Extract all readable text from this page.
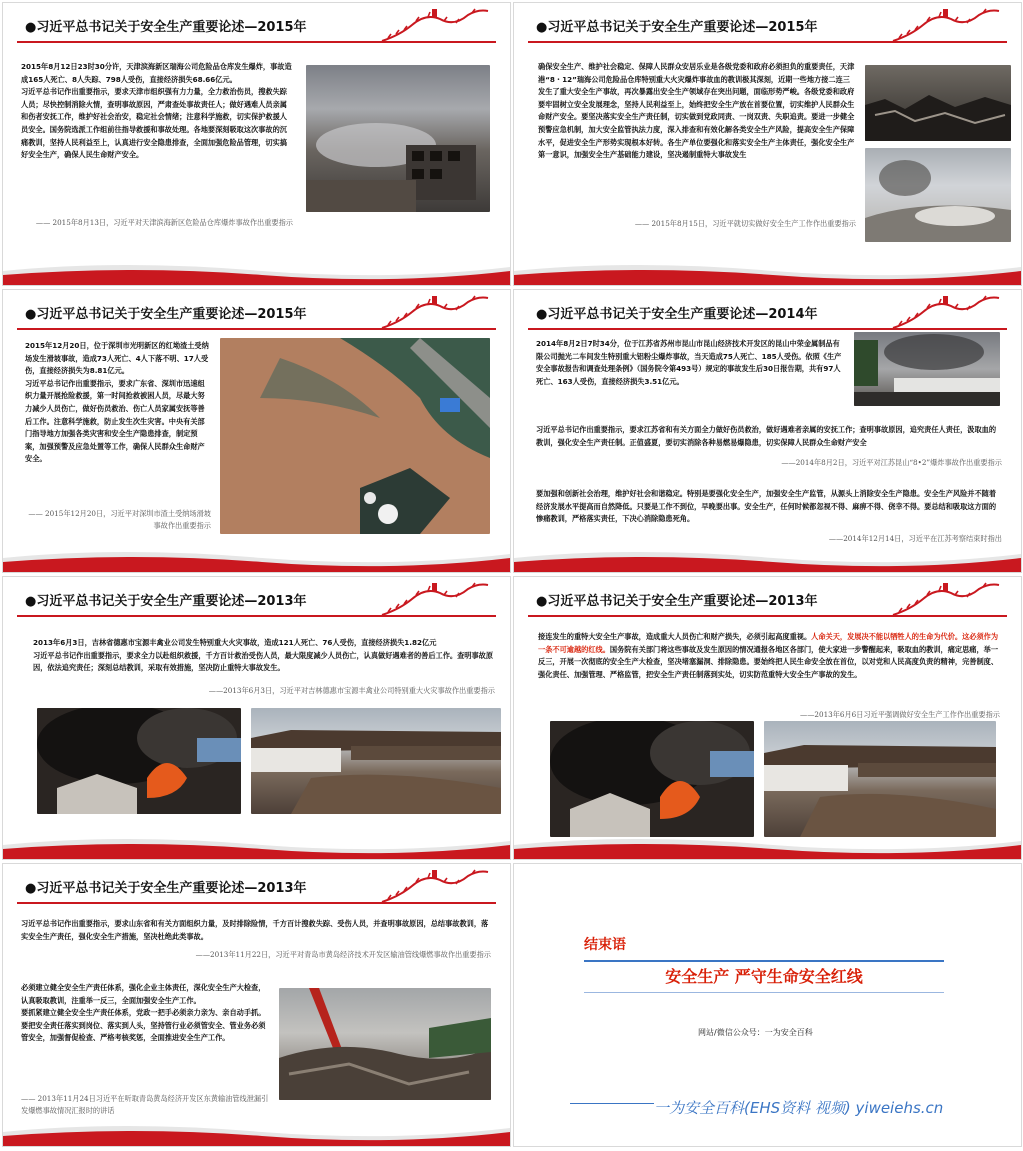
●习近平总书记关于安全生产重要论述—2015年

2015年8月12日23时30分许，天津滨海新区瑞海公司危险品仓库发生爆炸，事故造成165人死亡、8人失踪、798人受伤，直接经济损失68.66亿元。

习近平总书记作出重要指示，要求天津市组织强有力力量，全力救治伤员，搜救失踪人员；尽快控制消除火情，查明事故原因，严肃查处事故责任人；做好遇难人员亲属和伤者安抚工作，维护好社会治安，稳定社会情绪；注意科学施救，切实保护救援人员安全。国务院选派工作组前往指导救援和事故处理。各地要深刻吸取这次事故的沉痛教训，坚持人民利益至上，认真进行安全隐患排查，全面加强危险品管理，切实搞好安全生产，确保人民生命财产安全。

—— 2015年8月13日，习近平对天津滨海新区危险品仓库爆炸事故作出重要指示
●习近平总书记关于安全生产重要论述—2015年

确保安全生产、维护社会稳定、保障人民群众安居乐业是各级党委和政府必须担负的重要责任，天津港“8・12”瑞海公司危险品仓库特别重大火灾爆炸事故血的教训极其深刻，近期一些地方接二连三发生了重大安全生产事故，再次暴露出安全生产领域存在突出问题，面临形势严峻。各级党委和政府要牢固树立安全发展理念，坚持人民利益至上，始终把安全生产放在首要位置，切实维护人民群众生命财产安全。要坚决落实安全生产责任制，切实做到党政同责、一岗双责、失职追责。要进一步健全预警应急机制，加大安全监管执法力度，深入排查和有效化解各类安全生产风险，提高安全生产保障水平，促进安全生产形势实现根本好转。各生产单位要强化和落实安全生产主体责任，强化安全生产第一意识，加强安全生产基础能力建设，坚决遏制重特大事故发生

—— 2015年8月15日，习近平就切实做好安全生产工作作出重要指示
●习近平总书记关于安全生产重要论述—2015年

2015年12月20日，位于深圳市光明新区的红坳渣土受纳场发生滑坡事故，造成73人死亡、4人下落不明、17人受伤，直接经济损失为8.81亿元。

习近平总书记作出重要指示，要求广东省、深圳市迅速组织力量开展抢险救援，第一时间抢救被困人员，尽最大努力减少人员伤亡，做好伤员救治、伤亡人员家属安抚等善后工作。注意科学施救，防止发生次生灾害。中央有关部门指导地方加强各类灾害和安全生产隐患排查，制定预案，加强预警及应急处置等工作，确保人民群众生命财产安全。

—— 2015年12月20日，习近平对深圳市渣土受纳场滑坡事故作出重要指示
●习近平总书记关于安全生产重要论述—2014年

2014年8月2日7时34分，位于江苏省苏州市昆山市昆山经济技术开发区的昆山中荣金属制品有限公司抛光二车间发生特别重大铝粉尘爆炸事故，当天造成75人死亡、185人受伤。依照《生产安全事故报告和调查处理条例》（国务院令第493号）规定的事故发生后30日报告期，共有97人死亡、163人受伤，直接经济损失3.51亿元。

习近平总书记作出重要指示，要求江苏省和有关方面全力做好伤员救治，做好遇难者亲属的安抚工作；查明事故原因，追究责任人责任，汲取血的教训，强化安全生产责任制。正值盛夏，要切实消除各种易燃易爆隐患，切实保障人民群众生命财产安全

——2014年8月2日，习近平对江苏昆山“8•2”爆炸事故作出重要指示

要加强和创新社会治理，维护好社会和谐稳定。特别是要强化安全生产，加强安全生产监管，从源头上消除安全生产隐患。安全生产风险并不随着经济发展水平提高而自然降低。只要是工作不到位，早晚要出事。安全生产，任何时候都忽视不得、麻痹不得、侥幸不得。要总结和吸取这方面的惨痛教训，严格落实责任，下决心消除隐患死角。

——2014年12月14日，习近平在江苏考察结束时指出
●习近平总书记关于安全生产重要论述—2013年

2013年6月3日，吉林省德惠市宝源丰禽业公司发生特别重大火灾事故，造成121人死亡、76人受伤，直接经济损失1.82亿元

习近平总书记作出重要指示，要求全力以赴组织救援，千方百计救治受伤人员，最大限度减少人员伤亡，认真做好遇难者的善后工作。查明事故原因，依法追究责任；深刻总结教训，采取有效措施，坚决防止重特大事故发生。

——2013年6月3日，习近平对吉林德惠市宝源丰禽业公司特别重大火灾事故作出重要指示
●习近平总书记关于安全生产重要论述—2013年

接连发生的重特大安全生产事故，造成重大人员伤亡和财产损失，必须引起高度重视。人命关天，发展决不能以牺牲人的生命为代价。这必须作为一条不可逾越的红线。国务院有关部门将这些事故及发生原因的情况通报各地区各部门，使大家进一步警醒起来，吸取血的教训，痛定思痛，举一反三，开展一次彻底的安全生产大检查，坚决堵塞漏洞、排除隐患。要始终把人民生命安全放在首位，以对党和人民高度负责的精神，完善制度、强化责任、加强管理、严格监管，把安全生产责任制落到实处，切实防范重特大安全生产事故的发生。

——2013年6月6日习近平强调做好安全生产工作作出重要指示
●习近平总书记关于安全生产重要论述—2013年

习近平总书记作出重要指示，要求山东省和有关方面组织力量，及时排除险情，千方百计搜救失踪、受伤人员，并查明事故原因，总结事故教训，落实安全生产责任，强化安全生产措施，坚决杜绝此类事故。

——2013年11月22日，习近平对青岛市黄岛经济技术开发区输油管线爆燃事故作出重要指示

必须建立健全安全生产责任体系，强化企业主体责任，深化安全生产大检查，认真吸取教训，注重举一反三，全面加强安全生产工作。

要抓紧建立健全安全生产责任体系，党政一把手必须亲力亲为、亲自动手抓。要把安全责任落实到岗位、落实到人头，坚持管行业必须管安全、管业务必须管安全，加强督促检查、严格考核奖惩，全面推进安全生产工作。

—— 2013年11月24日习近平在听取青岛黄岛经济开发区东黄输油管线泄漏引发爆燃事故情况汇报时的讲话
结束语
安全生产 严守生命安全红线
网站/微信公众号：一为安全百科
一为安全百科(EHS资料 视频) yiweiehs.cn
